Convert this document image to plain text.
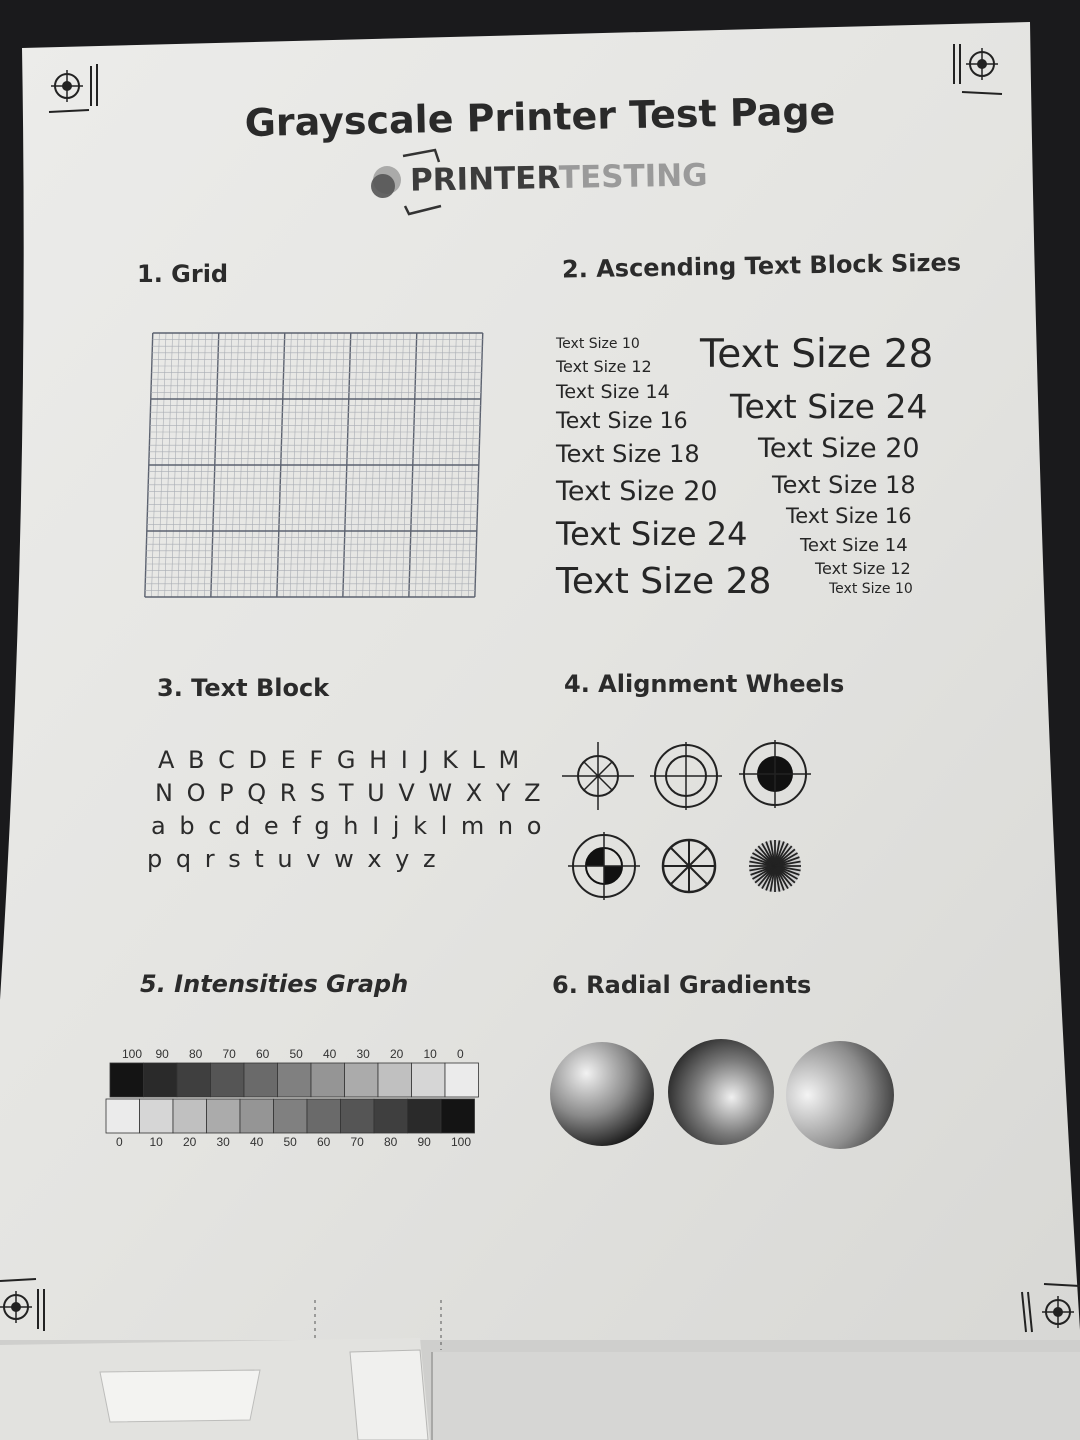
Grayscale Printer Test Page
PRINTERTESTING
1. Grid	2. Ascending Text Block Sizes
3. Text Block	4. Alignment Wheels
5. Intensities Graph	6. Radial Gradients
Text Size 10
Text Size 12
Text Size 14
Text Size 16
Text Size 18
Text Size 20
Text Size 24
Text Size 28
Text Size 28
Text Size 24
Text Size 20
Text Size 18
Text Size 16
Text Size 14
Text Size 12
Text Size 10
A B C D E F G H I J K L M
N O P Q R S T U V W X Y Z
a b c d e f g h I j k l m n o
p q r s t u v w x y z
100 90 80 70 60 50 40 30 20 10 0
0 10 20 30 40 50 60 70 80 90 100
